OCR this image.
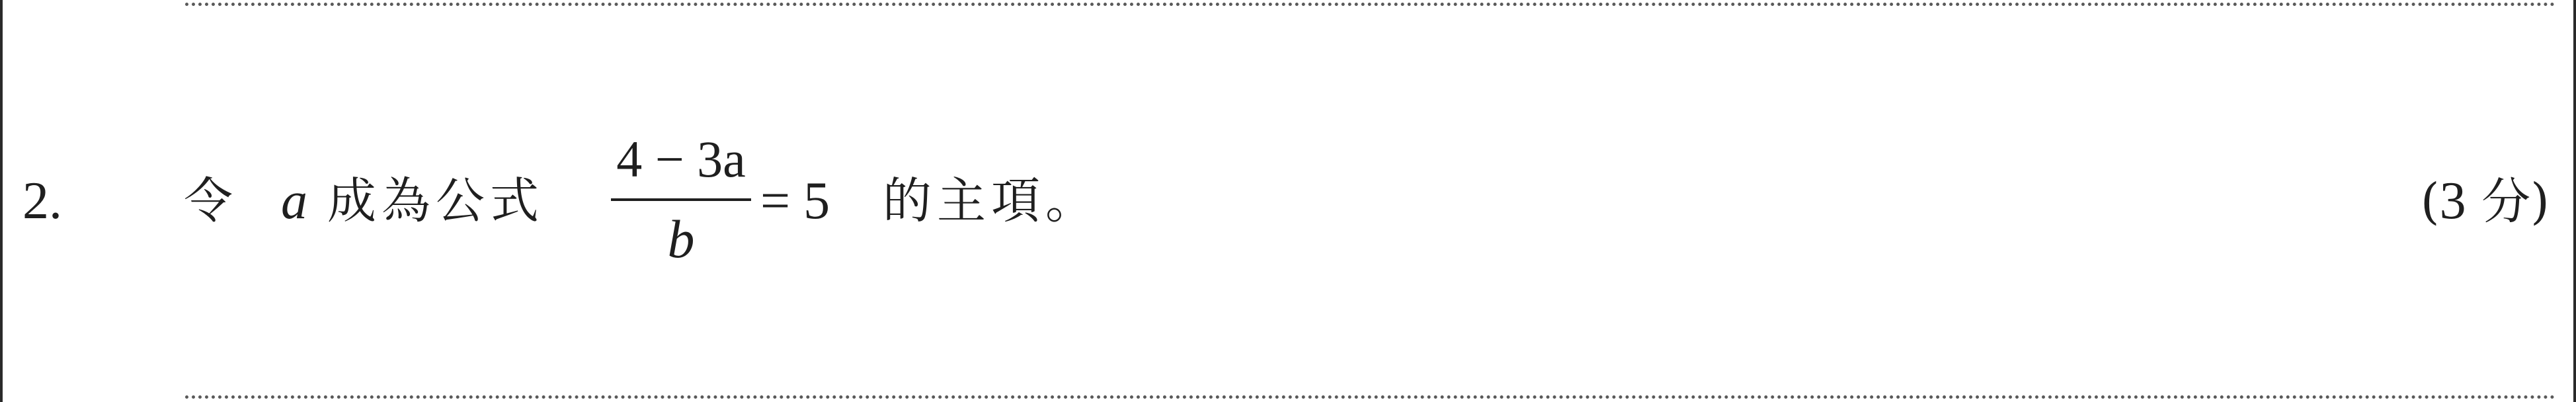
2. 令 a 成為公式
4 − 3a
b
= 5 的主項。	(3 分)
